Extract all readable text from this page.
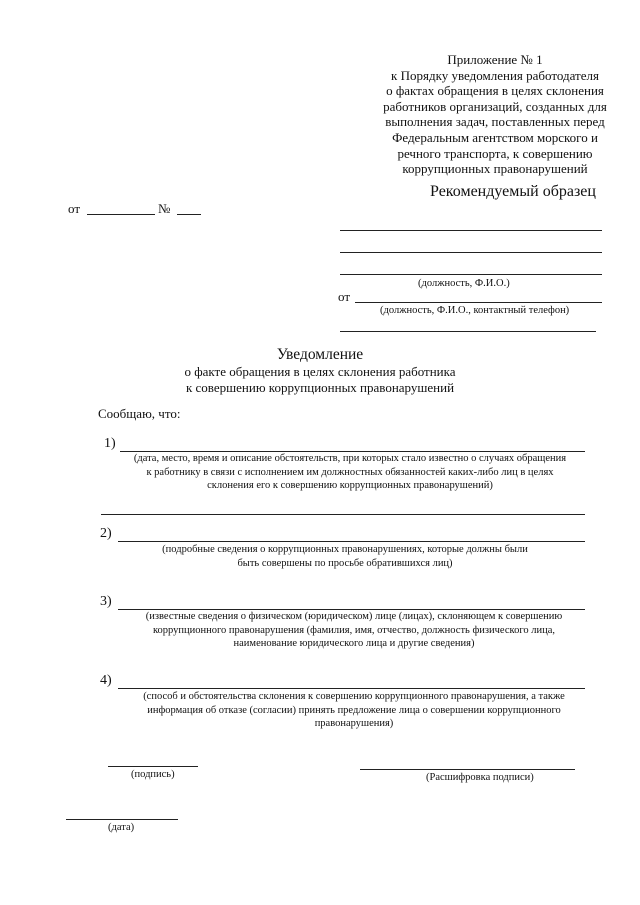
Приложение № 1
к Порядку уведомления работодателя
о фактах обращения в целях склонения
работников организаций, созданных для
выполнения задач, поставленных перед
Федеральным агентством морского и
речного транспорта, к совершению
коррупционных правонарушений
Рекомендуемый образец
от	№
(должность, Ф.И.О.)
от
(должность, Ф.И.О., контактный телефон)
Уведомление
о факте обращения в целях склонения работника
к совершению коррупционных правонарушений
Сообщаю, что:
1)
(дата, место, время и описание обстоятельств, при которых стало известно о случаях обращения
к работнику в связи с исполнением им должностных обязанностей каких-либо лиц в целях
склонения его к совершению коррупционных правонарушений)
2)
(подробные сведения о коррупционных правонарушениях, которые должны были
быть совершены по просьбе обратившихся лиц)
3)
(известные сведения о физическом (юридическом) лице (лицах), склоняющем к совершению
коррупционного правонарушения (фамилия, имя, отчество, должность физического лица,
наименование юридического лица и другие сведения)
4)
(способ и обстоятельства склонения к совершению коррупционного правонарушения, а также
информация об отказе (согласии) принять предложение лица о совершении коррупционного
правонарушения)
(подпись)	(Расшифровка подписи)
(дата)
